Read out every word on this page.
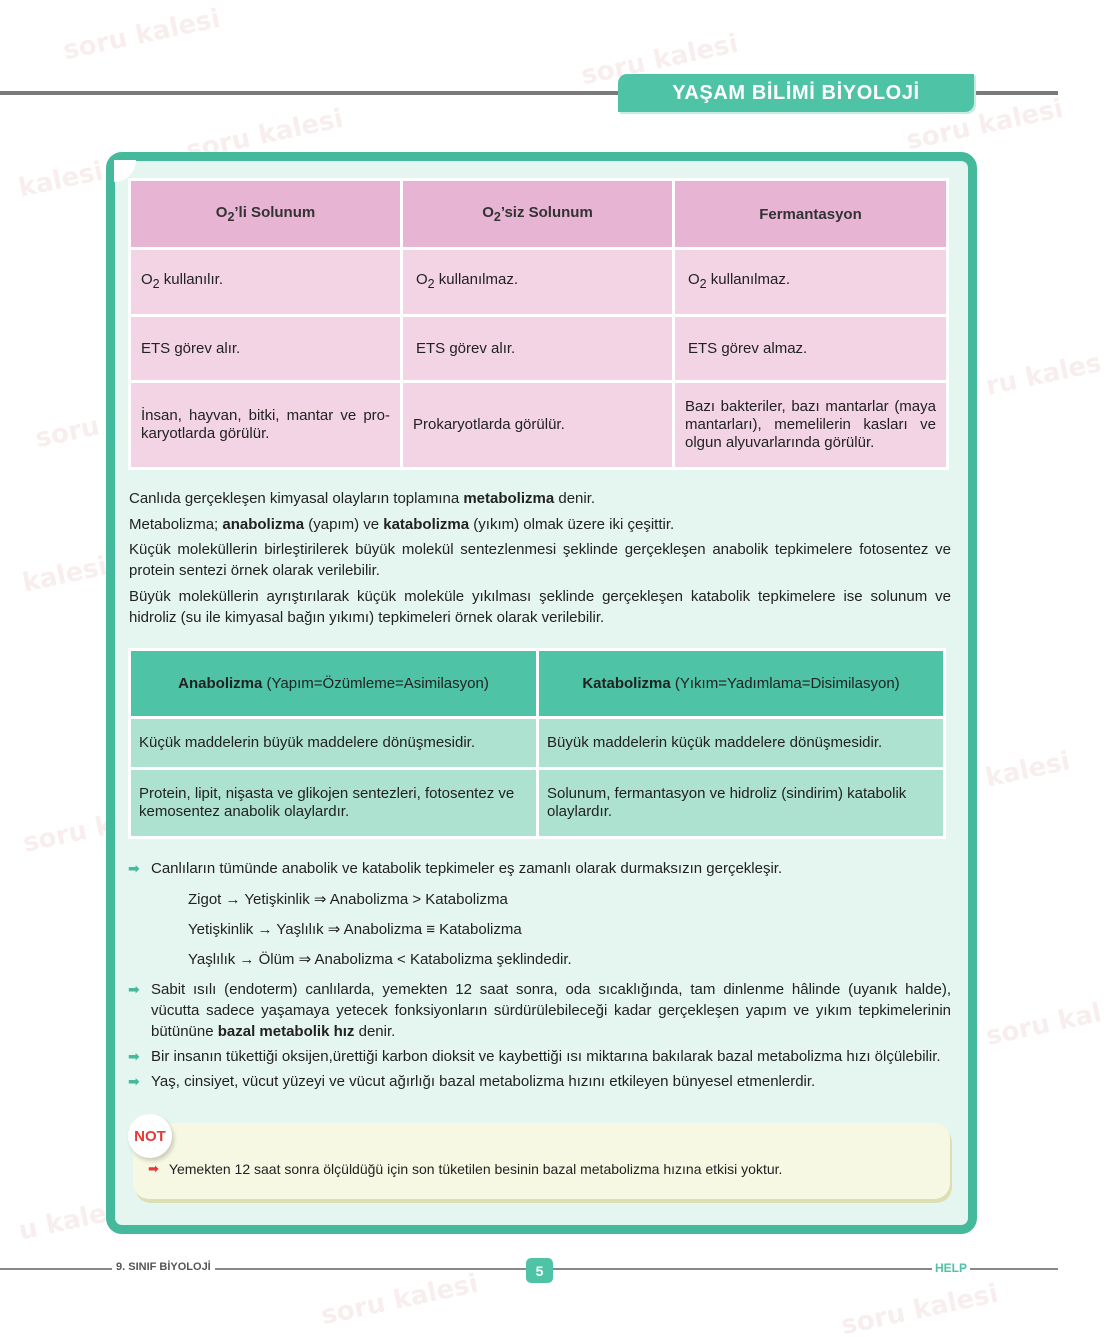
soru kalesi	soru kalesi
soru kalesi	soru kalesi
kalesi
soru k
ru kales
kalesi
kalesi
soru kale
soru kal
u kalesi
soru kalesi	soru kalesi
YAŞAM BİLİMİ BİYOLOJİ
$O_2’li$ Solunum	$O_2’siz$ Solunum	Fermantasyon
$O_2$ kullanılır.	$O_2$ kullanılmaz.	$O_2$ kullanılmaz.
ETS görev alır.	ETS görev alır.	ETS görev almaz.
İnsan, hayvan, bitki, mantar ve pro-karyotlarda görülür.	Prokaryotlarda görülür.	Bazı bakteriler, bazı mantarlar (maya mantarları), memelilerin kasları ve olgun alyuvarlarında görülür.

Canlıda gerçekleşen kimyasal olayların toplamına metabolizma denir.

Metabolizma; anabolizma (yapım) ve katabolizma (yıkım) olmak üzere iki çeşittir.

Küçük moleküllerin birleştirilerek büyük molekül sentezlenmesi şeklinde gerçekleşen anabolik tepkimelere fotosentez ve protein sentezi örnek olarak verilebilir.

Büyük moleküllerin ayrıştırılarak küçük moleküle yıkılması şeklinde gerçekleşen katabolik tepkimelere ise solunum ve hidroliz (su ile kimyasal bağın yıkımı) tepkimeleri örnek olarak verilebilir.

Anabolizma (Yapım=Özümleme=Asimilasyon)	Katabolizma (Yıkım=Yadımlama=Disimilasyon)
Küçük maddelerin büyük maddelere dönüşmesidir.	Büyük maddelerin küçük maddelere dönüşmesidir.
Protein, lipit, nişasta ve glikojen sentezleri, fotosentez ve kemosentez anabolik olaylardır.	Solunum, fermantasyon ve hidroliz (sindirim) katabolik olaylardır.
➡ Canlıların tümünde anabolik ve katabolik tepkimeler eş zamanlı olarak durmaksızın gerçekleşir.
Zigot → Yetişkinlik ⇒ Anabolizma > Katabolizma
Yetişkinlik → Yaşlılık ⇒ Anabolizma ≡ Katabolizma
Yaşlılık → Ölüm ⇒ Anabolizma < Katabolizma şeklindedir.
➡ Sabit ısılı (endoterm) canlılarda, yemekten 12 saat sonra, oda sıcaklığında, tam dinlenme hâlinde (uyanık halde), vücutta sadece yaşamaya yetecek fonksiyonların sürdürülebileceği kadar gerçekleşen yapım ve yıkım tepkimelerinin bütününe bazal metabolik hız denir.
➡ Bir insanın tükettiği oksijen,ürettiği karbon dioksit ve kaybettiği ısı miktarına bakılarak bazal metabolizma hızı ölçülebilir.
➡ Yaş, cinsiyet, vücut yüzeyi ve vücut ağırlığı bazal metabolizma hızını etkileyen bünyesel etmenlerdir.
NOT
➡ Yemekten 12 saat sonra ölçüldüğü için son tüketilen besinin bazal metabolizma hızına etkisi yoktur.
9. SINIF BİYOLOJİ	5	HELP
